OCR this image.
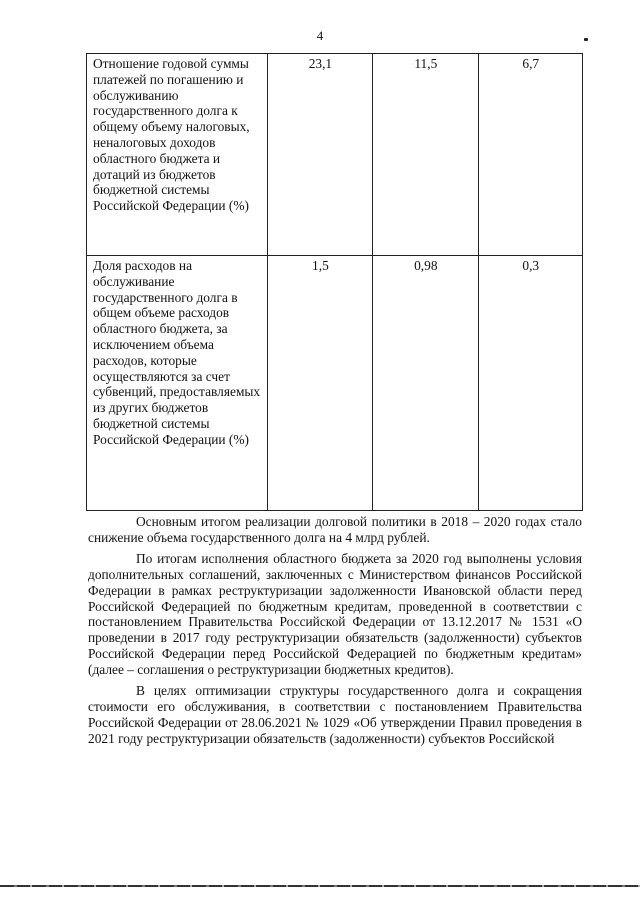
4
Отношение годовой суммы платежей по погашению и обслуживанию государственного долга к общему объему налоговых, неналоговых доходов областного бюджета и дотаций из бюджетов бюджетной системы Российской Федерации (%)	23,1	11,5	6,7
Доля расходов на обслуживание государственного долга в общем объеме расходов областного бюджета, за исключением объема расходов, которые осуществляются за счет субвенций, предоставляемых из других бюджетов бюджетной системы Российской Федерации (%)	1,5	0,98	0,3

Основным итогом реализации долговой политики в 2018 – 2020 годах стало снижение объема государственного долга на 4 млрд рублей.

По итогам исполнения областного бюджета за 2020 год выполнены условия дополнительных соглашений, заключенных с Министерством финансов Российской Федерации в рамках реструктуризации задолженности Ивановской области перед Российской Федерацией по бюджетным кредитам, проведенной в соответствии с постановлением Правительства Российской Федерации от 13.12.2017 № 1531 «О проведении в 2017 году реструктуризации обязательств (задолженности) субъектов Российской Федерации перед Российской Федерацией по бюджетным кредитам» (далее – соглашения о реструктуризации бюджетных кредитов).

В целях оптимизации структуры государственного долга и сокращения стоимости его обслуживания, в соответствии с постановлением Правительства Российской Федерации от 28.06.2021 № 1029 «Об утверждении Правил проведения в 2021 году реструктуризации обязательств (задолженности) субъектов Российской
